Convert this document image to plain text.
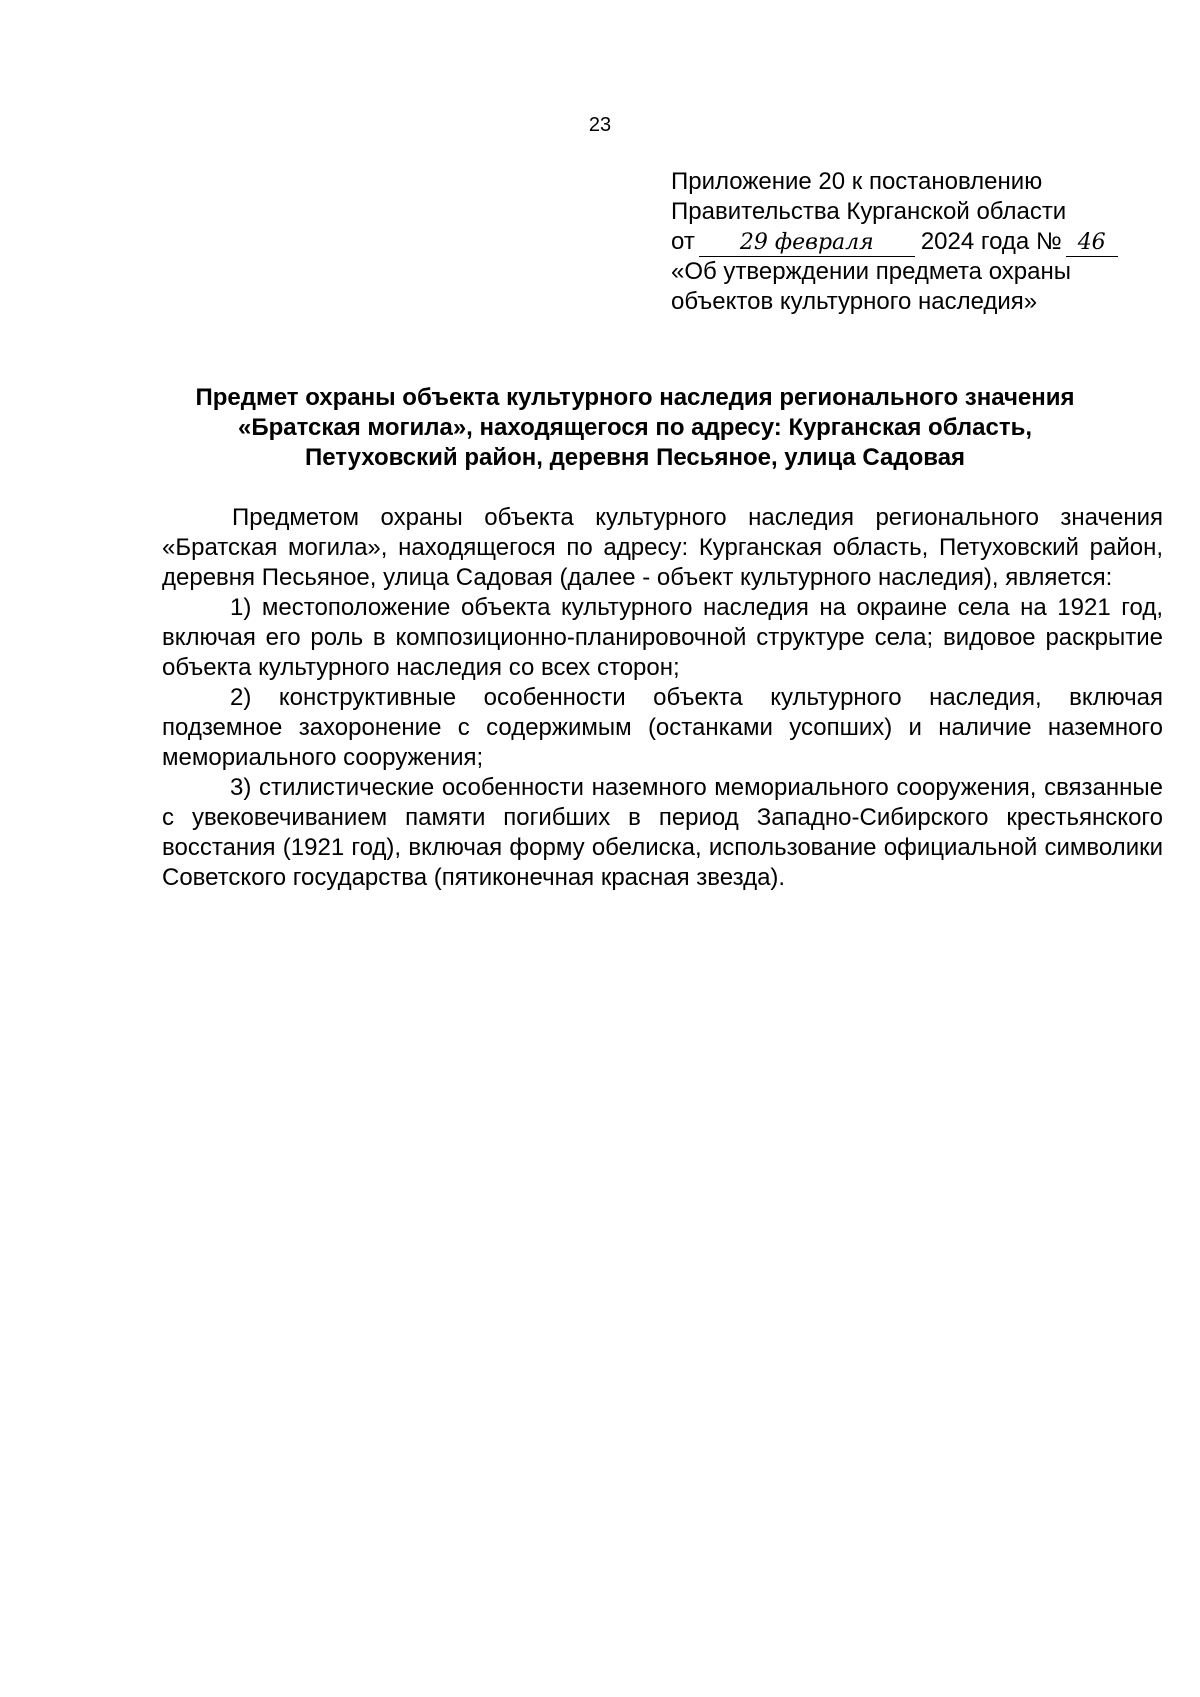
23
Приложение 20 к постановлению
Правительства Курганской области
от 29 февраля 2024 года № 46
«Об утверждении предмета охраны
объектов культурного наследия»
Предмет охраны объекта культурного наследия регионального значения
«Братская могила», находящегося по адресу: Курганская область,
Петуховский район, деревня Песьяное, улица Садовая

Предметом охраны объекта культурного наследия регионального значения «Братская могила», находящегося по адресу: Курганская область, Петуховский район, деревня Песьяное, улица Садовая (далее - объект культурного наследия), является:

1) местоположение объекта культурного наследия на окраине села на 1921 год, включая его роль в композиционно-планировочной структуре села; видовое раскрытие объекта культурного наследия со всех сторон;

2) конструктивные особенности объекта культурного наследия, включая подземное захоронение с содержимым (останками усопших) и наличие наземного мемориального сооружения;

3) стилистические особенности наземного мемориального сооружения, связанные с увековечиванием памяти погибших в период Западно-Сибирского крестьянского восстания (1921 год), включая форму обелиска, использование официальной символики Советского государства (пятиконечная красная звезда).
